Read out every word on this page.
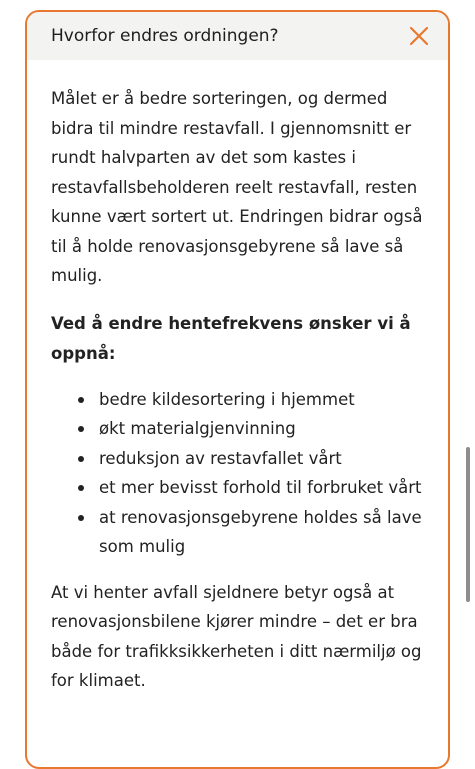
Hvorfor endres ordningen?

Målet er å bedre sorteringen, og dermed bidra til mindre restavfall. I gjennomsnitt er rundt halvparten av det som kastes i restavfallsbeholderen reelt restavfall, resten kunne vært sortert ut. Endringen bidrar også til å holde renovasjonsgebyrene så lave så mulig.

Ved å endre hentefrekvens ønsker vi å oppnå:

bedre kildesortering i hjemmet
økt materialgjenvinning
reduksjon av restavfallet vårt
et mer bevisst forhold til forbruket vårt
at renovasjonsgebyrene holdes så lave som mulig

At vi henter avfall sjeldnere betyr også at renovasjonsbilene kjører mindre – det er bra både for trafikksikkerheten i ditt nærmiljø og for klimaet.
